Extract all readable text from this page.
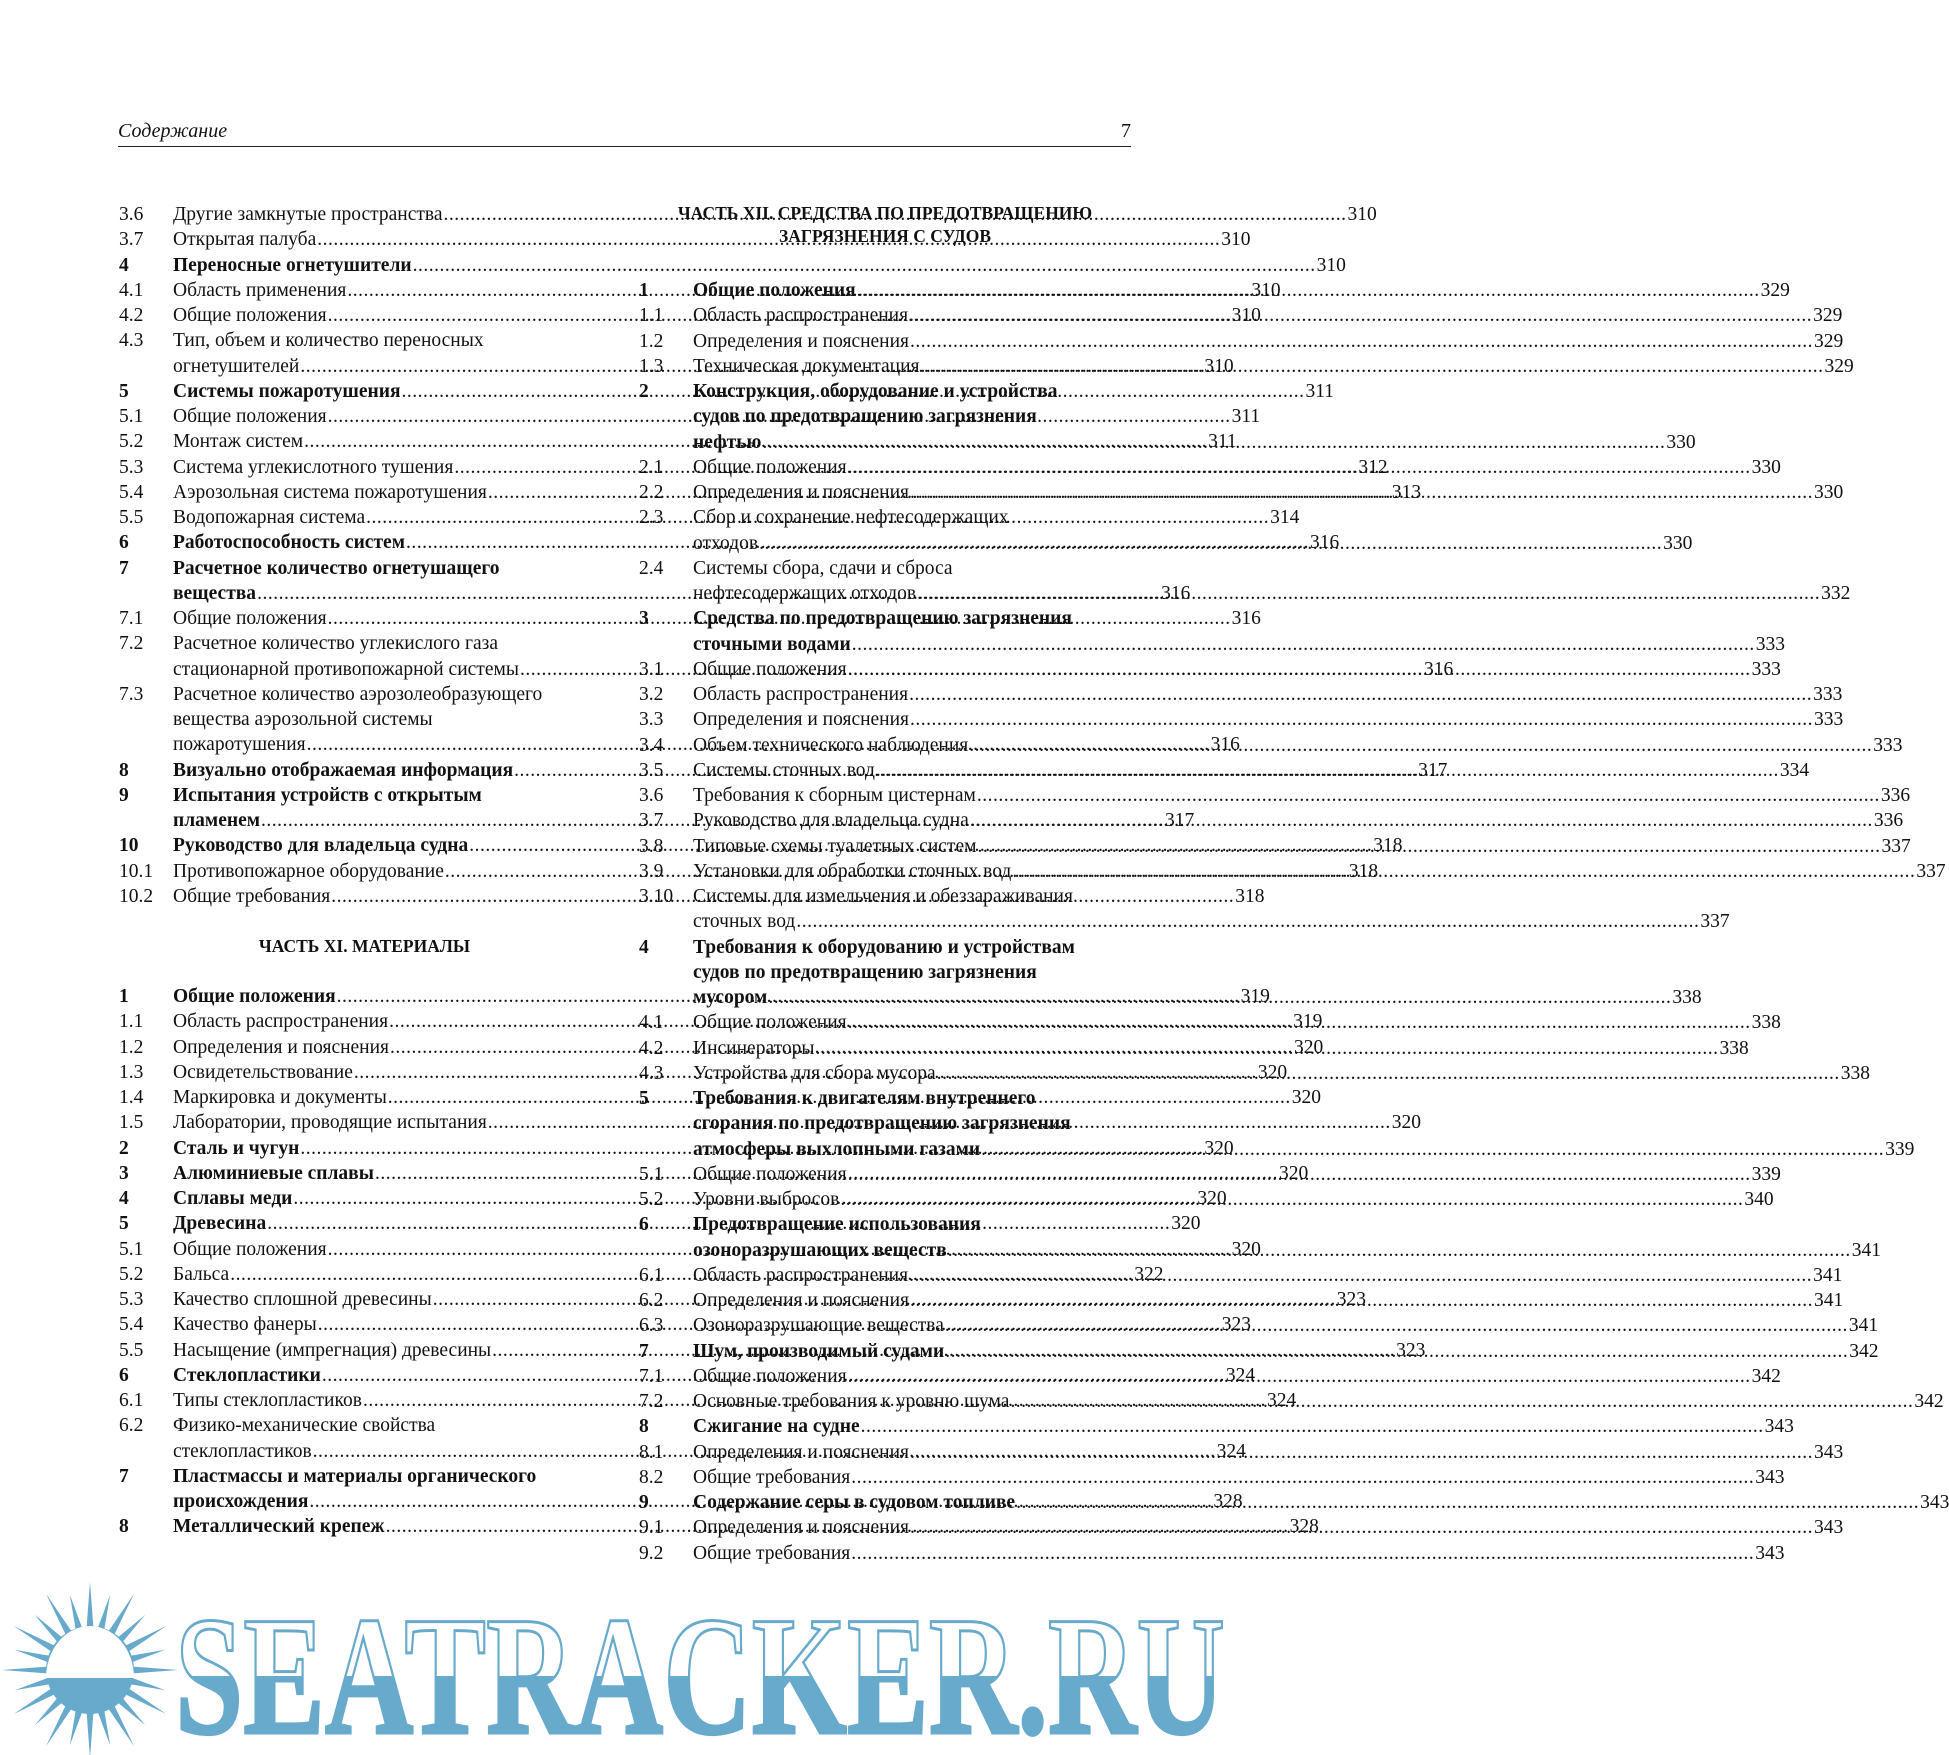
Содержание	7
3.6	Другие замкнутые пространства .....	310
3.7	Открытая палуба .....	310
4	Переносные огнетушители .....	310
4.1	Область применения .....	310
4.2	Общие положения .....	310
4.3	Тип, объем и количество переносных
огнетушителей .....	310
5	Системы пожаротушения .....	311
5.1	Общие положения .....	311
5.2	Монтаж систем .....	311
5.3	Система углекислотного тушения .....	312
5.4	Аэрозольная система пожаротушения .....	313
5.5	Водопожарная система .....	314
6	Работоспособность систем .....	316
7	Расчетное количество огнетушащего
вещества .....	316
7.1	Общие положения .....	316
7.2	Расчетное количество углекислого газа
стационарной противопожарной системы .....	316
7.3	Расчетное количество аэрозолеобразующего
вещества аэрозольной системы
пожаротушения .....	316
8	Визуально отображаемая информация .....	317
9	Испытания устройств с открытым
пламенем .....	317
10	Руководство для владельца судна .....	318
10.1	Противопожарное оборудование .....	318
10.2	Общие требования .....	318
ЧАСТЬ XI. МАТЕРИАЛЫ
1	Общие положения .....	319
1.1	Область распространения .....	319
1.2	Определения и пояснения .....	320
1.3	Освидетельствование .....	320
1.4	Маркировка и документы .....	320
1.5	Лаборатории, проводящие испытания .....	320
2	Сталь и чугун .....	320
3	Алюминиевые сплавы .....	320
4	Сплавы меди .....	320
5	Древесина .....	320
5.1	Общие положения .....	320
5.2	Бальса .....	322
5.3	Качество сплошной древесины .....	323
5.4	Качество фанеры .....	323
5.5	Насыщение (импрегнация) древесины .....	323
6	Стеклопластики .....	324
6.1	Типы стеклопластиков .....	324
6.2	Физико-механические свойства
стеклопластиков .....	324
7	Пластмассы и материалы органического
происхождения .....	328
8	Металлический крепеж .....	328
ЧАСТЬ XII. СРЕДСТВА ПО ПРЕДОТВРАЩЕНИЮ
ЗАГРЯЗНЕНИЯ С СУДОВ
1	Общие положения .....	329
1.1	Область распространения .....	329
1.2	Определения и пояснения .....	329
1.3	Техническая документация .....	329
2	Конструкция, оборудование и устройства
судов по предотвращению загрязнения
нефтью .....	330
2.1	Общие положения .....	330
2.2	Определения и пояснения .....	330
2.3	Сбор и сохранение нефтесодержащих
отходов .....	330
2.4	Системы сбора, сдачи и сброса
нефтесодержащих отходов .....	332
3	Средства по предотвращению загрязнения
сточными водами .....	333
3.1	Общие положения .....	333
3.2	Область распространения .....	333
3.3	Определения и пояснения .....	333
3.4	Объем технического наблюдения .....	333
3.5	Системы сточных вод .....	334
3.6	Требования к сборным цистернам .....	336
3.7	Руководство для владельца судна .....	336
3.8	Типовые схемы туалетных систем .....	337
3.9	Установки для обработки сточных вод .....	337
3.10	Системы для измельчения и обеззараживания
сточных вод .....	337
4	Требования к оборудованию и устройствам
судов по предотвращению загрязнения
мусором .....	338
4.1	Общие положения .....	338
4.2	Инсинераторы .....	338
4.3	Устройства для сбора мусора .....	338
5	Требования к двигателям внутреннего
сгорания по предотвращению загрязнения
атмосферы выхлопными газами .....	339
5.1	Общие положения .....	339
5.2	Уровни выбросов .....	340
6	Предотвращение использования
озоноразрушающих веществ .....	341
6.1	Область распространения .....	341
6.2	Определения и пояснения .....	341
6.3	Озоноразрушающие вещества .....	341
7	Шум, производимый судами .....	342
7.1	Общие положения .....	342
7.2	Основные требования к уровню шума .....	342
8	Сжигание на судне .....	343
8.1	Определения и пояснения .....	343
8.2	Общие требования .....	343
9	Содержание серы в судовом топливе .....	343
9.1	Определения и пояснения .....	343
9.2	Общие требования .....	343
SEATRACKER.RU
